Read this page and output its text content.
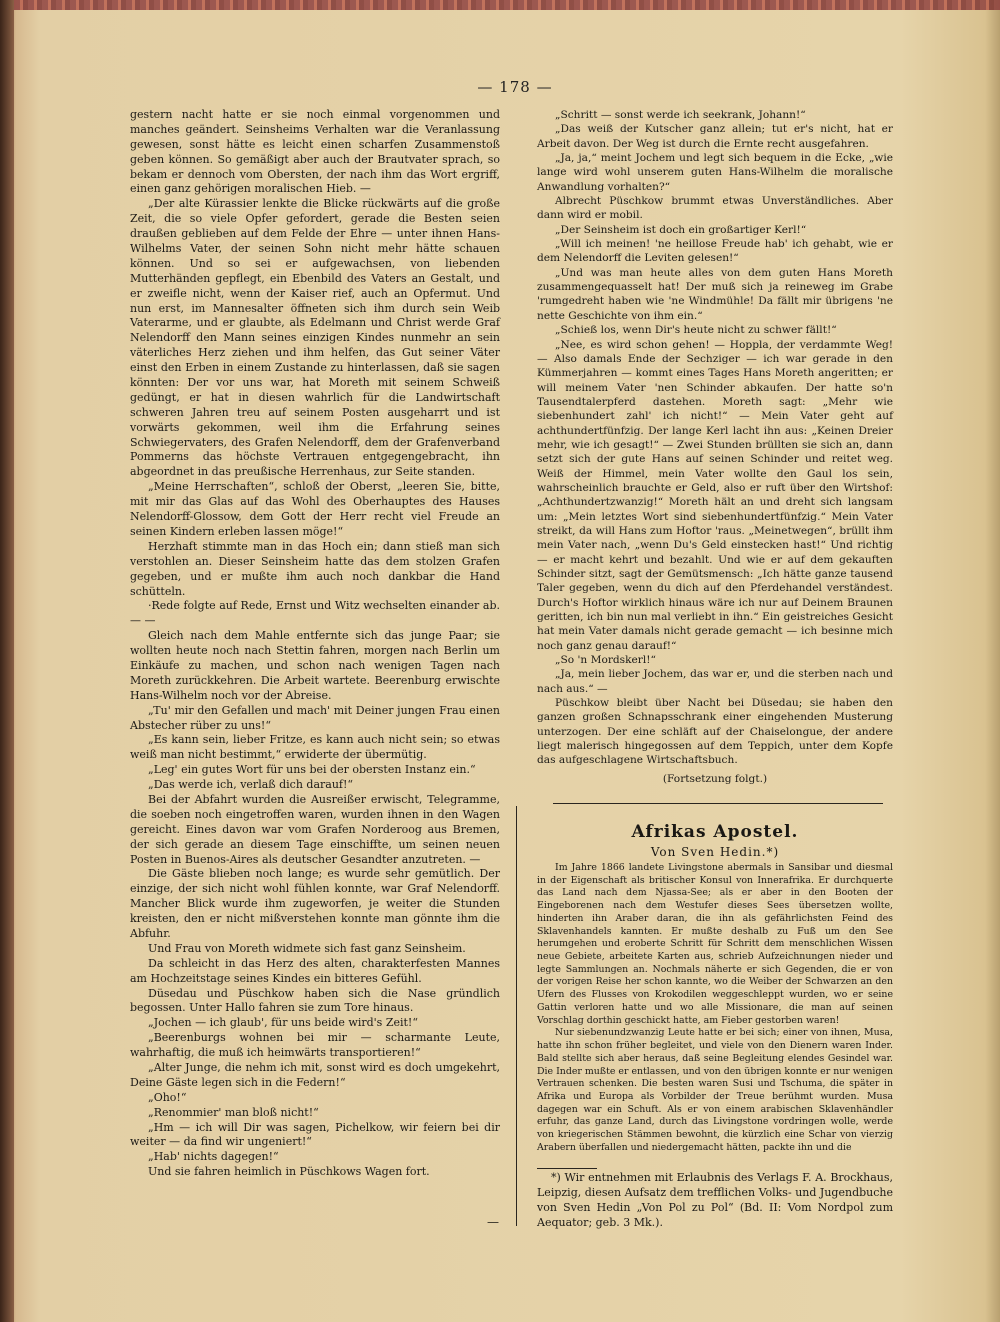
— 178 —

gestern nacht hatte er sie noch einmal vorgenommen und manches geändert. Seinsheims Verhalten war die Veranlassung gewesen, sonst hätte es leicht einen scharfen Zusammenstoß geben können. So gemäßigt aber auch der Brautvater sprach, so bekam er dennoch vom Obersten, der nach ihm das Wort ergriff, einen ganz gehörigen moralischen Hieb. —

„Der alte Kürassier lenkte die Blicke rückwärts auf die große Zeit, die so viele Opfer gefordert, gerade die Besten seien draußen geblieben auf dem Felde der Ehre — unter ihnen Hans-Wilhelms Vater, der seinen Sohn nicht mehr hätte schauen können. Und so sei er aufgewachsen, von liebenden Mutterhänden gepflegt, ein Ebenbild des Vaters an Gestalt, und er zweifle nicht, wenn der Kaiser rief, auch an Opfermut. Und nun erst, im Mannesalter öffneten sich ihm durch sein Weib Vaterarme, und er glaubte, als Edelmann und Christ werde Graf Nelendorff den Mann seines einzigen Kindes nunmehr an sein väterliches Herz ziehen und ihm helfen, das Gut seiner Väter einst den Erben in einem Zustande zu hinterlassen, daß sie sagen könnten: Der vor uns war, hat Moreth mit seinem Schweiß gedüngt, er hat in diesen wahrlich für die Landwirtschaft schweren Jahren treu auf seinem Posten ausgeharrt und ist vorwärts gekommen, weil ihm die Erfahrung seines Schwiegervaters, des Grafen Nelendorff, dem der Grafenverband Pommerns das höchste Vertrauen entgegengebracht, ihn abgeordnet in das preußische Herrenhaus, zur Seite standen.

„Meine Herrschaften“, schloß der Oberst, „leeren Sie, bitte, mit mir das Glas auf das Wohl des Oberhauptes des Hauses Nelendorff-Glossow, dem Gott der Herr recht viel Freude an seinen Kindern erleben lassen möge!“

Herzhaft stimmte man in das Hoch ein; dann stieß man sich verstohlen an. Dieser Seinsheim hatte das dem stolzen Grafen gegeben, und er mußte ihm auch noch dankbar die Hand schütteln.

·Rede folgte auf Rede, Ernst und Witz wechselten einander ab. — —

Gleich nach dem Mahle entfernte sich das junge Paar; sie wollten heute noch nach Stettin fahren, morgen nach Berlin um Einkäufe zu machen, und schon nach wenigen Tagen nach Moreth zurückkehren. Die Arbeit wartete. Beerenburg erwischte Hans-Wilhelm noch vor der Abreise.

„Tu' mir den Gefallen und mach' mit Deiner jungen Frau einen Abstecher rüber zu uns!“

„Es kann sein, lieber Fritze, es kann auch nicht sein; so etwas weiß man nicht bestimmt,“ erwiderte der übermütig.

„Leg' ein gutes Wort für uns bei der obersten Instanz ein.“

„Das werde ich, verlaß dich darauf!“

Bei der Abfahrt wurden die Ausreißer erwischt, Telegramme, die soeben noch eingetroffen waren, wurden ihnen in den Wagen gereicht. Eines davon war vom Grafen Norderoog aus Bremen, der sich gerade an diesem Tage einschiffte, um seinen neuen Posten in Buenos-Aires als deutscher Gesandter anzutreten. —

Die Gäste blieben noch lange; es wurde sehr gemütlich. Der einzige, der sich nicht wohl fühlen konnte, war Graf Nelendorff. Mancher Blick wurde ihm zugeworfen, je weiter die Stunden kreisten, den er nicht mißverstehen konnte man gönnte ihm die Abfuhr.

Und Frau von Moreth widmete sich fast ganz Seinsheim.

Da schleicht in das Herz des alten, charakterfesten Mannes am Hochzeitstage seines Kindes ein bitteres Gefühl.

Düsedau und Püschkow haben sich die Nase gründlich begossen. Unter Hallo fahren sie zum Tore hinaus.

„Jochen — ich glaub', für uns beide wird's Zeit!“

„Beerenburgs wohnen bei mir — scharmante Leute, wahrhaftig, die muß ich heimwärts transportieren!“

„Alter Junge, die nehm ich mit, sonst wird es doch umgekehrt, Deine Gäste legen sich in die Federn!“

„Oho!“

„Renommier' man bloß nicht!“

„Hm — ich will Dir was sagen, Pichelkow, wir feiern bei dir weiter — da find wir ungeniert!“

„Hab' nichts dagegen!“

Und sie fahren heimlich in Püschkows Wagen fort.

—

„Schritt — sonst werde ich seekrank, Johann!“

„Das weiß der Kutscher ganz allein; tut er's nicht, hat er Arbeit davon. Der Weg ist durch die Ernte recht ausgefahren.

„Ja, ja,“ meint Jochem und legt sich bequem in die Ecke, „wie lange wird wohl unserem guten Hans-Wilhelm die moralische Anwandlung vorhalten?“

Albrecht Püschkow brummt etwas Unverständliches. Aber dann wird er mobil.

„Der Seinsheim ist doch ein großartiger Kerl!“

„Will ich meinen! 'ne heillose Freude hab' ich gehabt, wie er dem Nelendorff die Leviten gelesen!“

„Und was man heute alles von dem guten Hans Moreth zusammengequasselt hat! Der muß sich ja reineweg im Grabe 'rumgedreht haben wie 'ne Windmühle! Da fällt mir übrigens 'ne nette Geschichte von ihm ein.“

„Schieß los, wenn Dir's heute nicht zu schwer fällt!“

„Nee, es wird schon gehen! — Hoppla, der verdammte Weg! — Also damals Ende der Sechziger — ich war gerade in den Kümmerjahren — kommt eines Tages Hans Moreth angeritten; er will meinem Vater 'nen Schinder abkaufen. Der hatte so'n Tausendtalerpferd dastehen. Moreth sagt: „Mehr wie siebenhundert zahl' ich nicht!“ — Mein Vater geht auf achthundertfünfzig. Der lange Kerl lacht ihn aus: „Keinen Dreier mehr, wie ich gesagt!“ — Zwei Stunden brüllten sie sich an, dann setzt sich der gute Hans auf seinen Schinder und reitet weg. Weiß der Himmel, mein Vater wollte den Gaul los sein, wahrscheinlich brauchte er Geld, also er ruft über den Wirtshof: „Achthundertzwanzig!“ Moreth hält an und dreht sich langsam um: „Mein letztes Wort sind siebenhundertfünfzig.“ Mein Vater streikt, da will Hans zum Hoftor 'raus. „Meinetwegen“, brüllt ihm mein Vater nach, „wenn Du's Geld einstecken hast!“ Und richtig — er macht kehrt und bezahlt. Und wie er auf dem gekauften Schinder sitzt, sagt der Gemütsmensch: „Ich hätte ganze tausend Taler gegeben, wenn du dich auf den Pferdehandel verständest. Durch's Hoftor wirklich hinaus wäre ich nur auf Deinem Braunen geritten, ich bin nun mal verliebt in ihn.“ Ein geistreiches Gesicht hat mein Vater damals nicht gerade gemacht — ich besinne mich noch ganz genau darauf!“

„So 'n Mordskerl!“

„Ja, mein lieber Jochem, das war er, und die sterben nach und nach aus.“ —

Püschkow bleibt über Nacht bei Düsedau; sie haben den ganzen großen Schnapsschrank einer eingehenden Musterung unterzogen. Der eine schläft auf der Chaiselongue, der andere liegt malerisch hingegossen auf dem Teppich, unter dem Kopfe das aufgeschlagene Wirtschaftsbuch.

(Fortsetzung folgt.)

Afrikas Apostel.
Von Sven Hedin.*)

Im Jahre 1866 landete Livingstone abermals in Sansibar und diesmal in der Eigenschaft als britischer Konsul von Innerafrika. Er durchquerte das Land nach dem Njassa-See; als er aber in den Booten der Eingeborenen nach dem Westufer dieses Sees übersetzen wollte, hinderten ihn Araber daran, die ihn als gefährlichsten Feind des Sklavenhandels kannten. Er mußte deshalb zu Fuß um den See herumgehen und eroberte Schritt für Schritt dem menschlichen Wissen neue Gebiete, arbeitete Karten aus, schrieb Aufzeichnungen nieder und legte Sammlungen an. Nochmals näherte er sich Gegenden, die er von der vorigen Reise her schon kannte, wo die Weiber der Schwarzen an den Ufern des Flusses von Krokodilen weggeschleppt wurden, wo er seine Gattin verloren hatte und wo alle Missionare, die man auf seinen Vorschlag dorthin geschickt hatte, am Fieber gestorben waren!

Nur siebenundzwanzig Leute hatte er bei sich; einer von ihnen, Musa, hatte ihn schon früher begleitet, und viele von den Dienern waren Inder. Bald stellte sich aber heraus, daß seine Begleitung elendes Gesindel war. Die Inder mußte er entlassen, und von den übrigen konnte er nur wenigen Vertrauen schenken. Die besten waren Susi und Tschuma, die später in Afrika und Europa als Vorbilder der Treue berühmt wurden. Musa dagegen war ein Schuft. Als er von einem arabischen Sklavenhändler erfuhr, das ganze Land, durch das Livingstone vordringen wolle, werde von kriegerischen Stämmen bewohnt, die kürzlich eine Schar von vierzig Arabern überfallen und niedergemacht hätten, packte ihn und die

*) Wir entnehmen mit Erlaubnis des Verlags F. A. Brockhaus, Leipzig, diesen Aufsatz dem trefflichen Volks- und Jugendbuche von Sven Hedin „Von Pol zu Pol“ (Bd. II: Vom Nordpol zum Aequator; geb. 3 Mk.).
